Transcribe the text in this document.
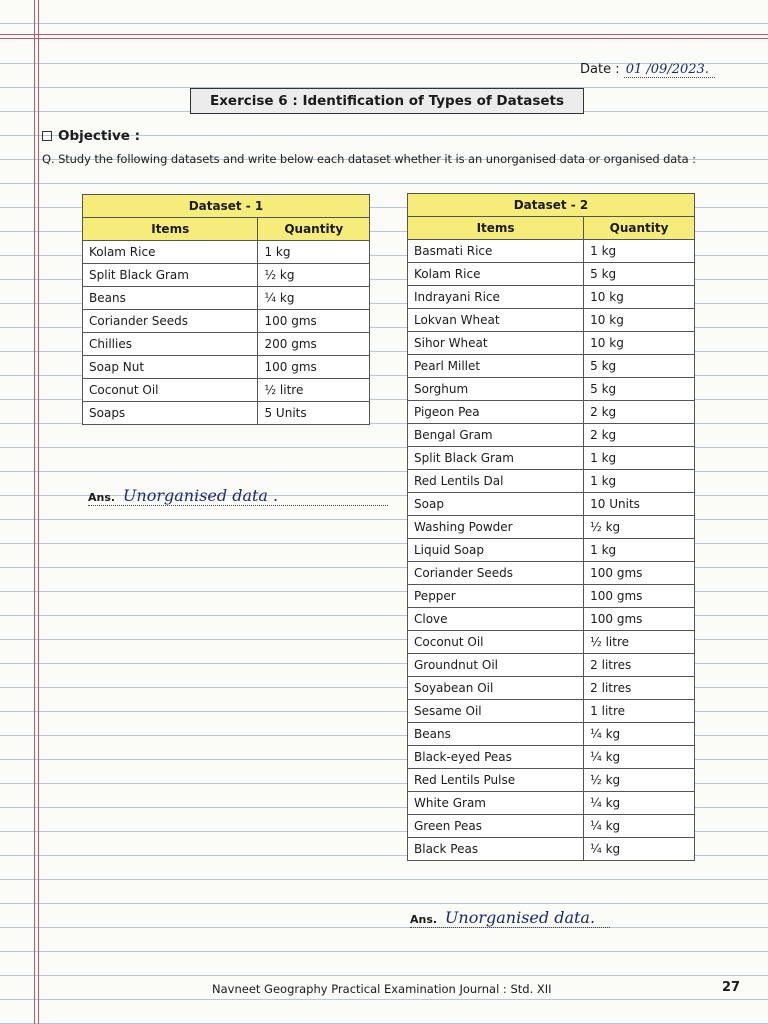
Date : 01 /09/2023.
Exercise 6 : Identification of Types of Datasets
Objective :
Q. Study the following datasets and write below each dataset whether it is an unorganised data or organised data :
Dataset - 1	
Items	Quantity
Kolam Rice	1 kg
Split Black Gram	½ kg
Beans	¼ kg
Coriander Seeds	100 gms
Chillies	200 gms
Soap Nut	100 gms
Coconut Oil	½ litre
Soaps	5 Units
Ans. Unorganised data .
Dataset - 2	
Items	Quantity
Basmati Rice	1 kg
Kolam Rice	5 kg
Indrayani Rice	10 kg
Lokvan Wheat	10 kg
Sihor Wheat	10 kg
Pearl Millet	5 kg
Sorghum	5 kg
Pigeon Pea	2 kg
Bengal Gram	2 kg
Split Black Gram	1 kg
Red Lentils Dal	1 kg
Soap	10 Units
Washing Powder	½ kg
Liquid Soap	1 kg
Coriander Seeds	100 gms
Pepper	100 gms
Clove	100 gms
Coconut Oil	½ litre
Groundnut Oil	2 litres
Soyabean Oil	2 litres
Sesame Oil	1 litre
Beans	¼ kg
Black-eyed Peas	¼ kg
Red Lentils Pulse	½ kg
White Gram	¼ kg
Green Peas	¼ kg
Black Peas	¼ kg
Ans. Unorganised data.
Navneet Geography Practical Examination Journal : Std. XII	27
